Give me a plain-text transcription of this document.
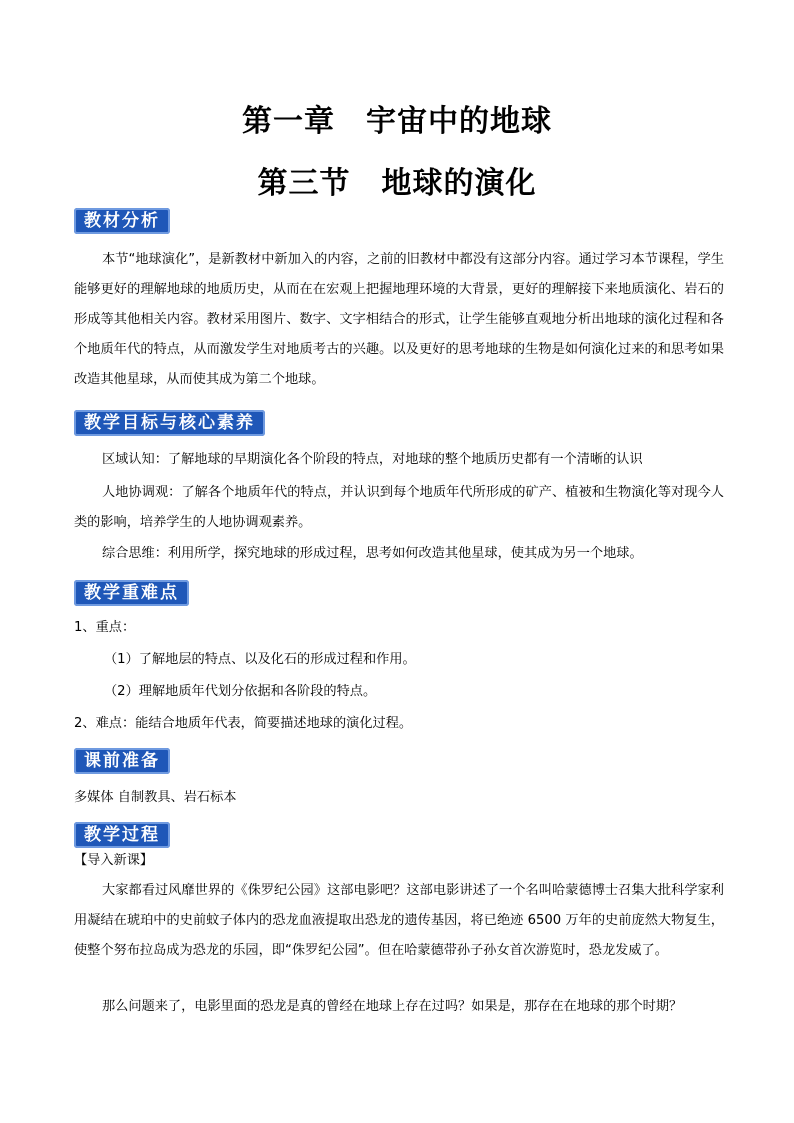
第一章　宇宙中的地球
第三节　地球的演化
教材分析
本节“地球演化”，是新教材中新加入的内容，之前的旧教材中都没有这部分内容。通过学习本节课程，学生能够更好的理解地球的地质历史，从而在在宏观上把握地理环境的大背景，更好的理解接下来地质演化、岩石的形成等其他相关内容。教材采用图片、数字、文字相结合的形式，让学生能够直观地分析出地球的演化过程和各个地质年代的特点，从而激发学生对地质考古的兴趣。以及更好的思考地球的生物是如何演化过来的和思考如果改造其他星球，从而使其成为第二个地球。
教学目标与核心素养
区域认知：了解地球的早期演化各个阶段的特点，对地球的整个地质历史都有一个清晰的认识
人地协调观：了解各个地质年代的特点，并认识到每个地质年代所形成的矿产、植被和生物演化等对现今人类的影响，培养学生的人地协调观素养。
综合思维：利用所学，探究地球的形成过程，思考如何改造其他星球，使其成为另一个地球。
教学重难点
1、重点：
（1）了解地层的特点、以及化石的形成过程和作用。
（2）理解地质年代划分依据和各阶段的特点。
2、难点：能结合地质年代表，简要描述地球的演化过程。
课前准备
多媒体 自制教具、岩石标本
教学过程
【导入新课】
大家都看过风靡世界的《侏罗纪公园》这部电影吧？这部电影讲述了一个名叫哈蒙德博士召集大批科学家利用凝结在琥珀中的史前蚊子体内的恐龙血液提取出恐龙的遗传基因，将已绝迹 6500 万年的史前庞然大物复生，使整个努布拉岛成为恐龙的乐园，即“侏罗纪公园”。但在哈蒙德带孙子孙女首次游览时，恐龙发威了。
那么问题来了，电影里面的恐龙是真的曾经在地球上存在过吗？如果是，那存在在地球的那个时期？
